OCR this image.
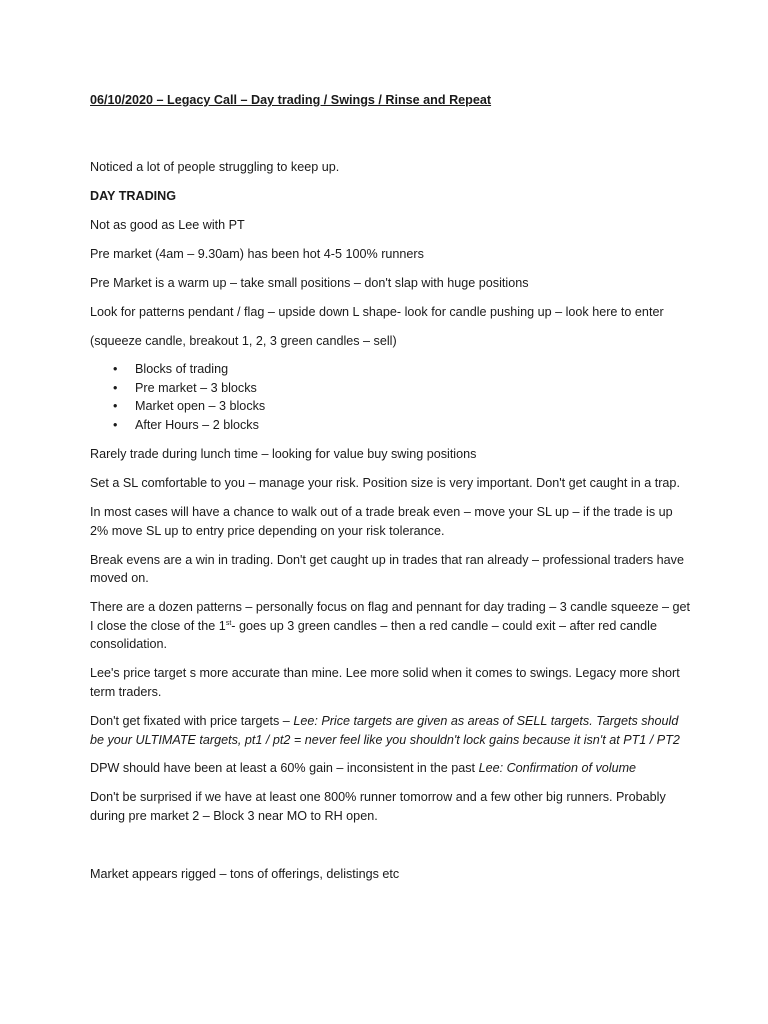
06/10/2020 – Legacy Call – Day trading / Swings / Rinse and Repeat

Noticed a lot of people struggling to keep up.

DAY TRADING

Not as good as Lee with PT

Pre market (4am – 9.30am) has been hot 4-5 100% runners

Pre Market is a warm up – take small positions – don't slap with huge positions

Look for patterns pendant / flag – upside down L shape- look for candle pushing up – look here to enter

(squeeze candle, breakout 1, 2, 3 green candles – sell)

• Blocks of trading
• Pre market – 3 blocks
• Market open – 3 blocks
• After Hours – 2 blocks

Rarely trade during lunch time – looking for value buy swing positions

Set a SL comfortable to you – manage your risk. Position size is very important. Don't get caught in a trap.

In most cases will have a chance to walk out of a trade break even – move your SL up – if the trade is up 2% move SL up to entry price depending on your risk tolerance.

Break evens are a win in trading. Don't get caught up in trades that ran already – professional traders have moved on.

There are a dozen patterns – personally focus on flag and pennant for day trading – 3 candle squeeze – get I close the close of the 1st- goes up 3 green candles – then a red candle – could exit – after red candle consolidation.

Lee's price target s more accurate than mine. Lee more solid when it comes to swings. Legacy more short term traders.

Don't get fixated with price targets – Lee: Price targets are given as areas of SELL targets. Targets should be your ULTIMATE targets, pt1 / pt2 = never feel like you shouldn't lock gains because it isn't at PT1 / PT2

DPW should have been at least a 60% gain – inconsistent in the past Lee: Confirmation of volume

Don't be surprised if we have at least one 800% runner tomorrow and a few other big runners. Probably during pre market 2 – Block 3 near MO to RH open.

Market appears rigged – tons of offerings, delistings etc
